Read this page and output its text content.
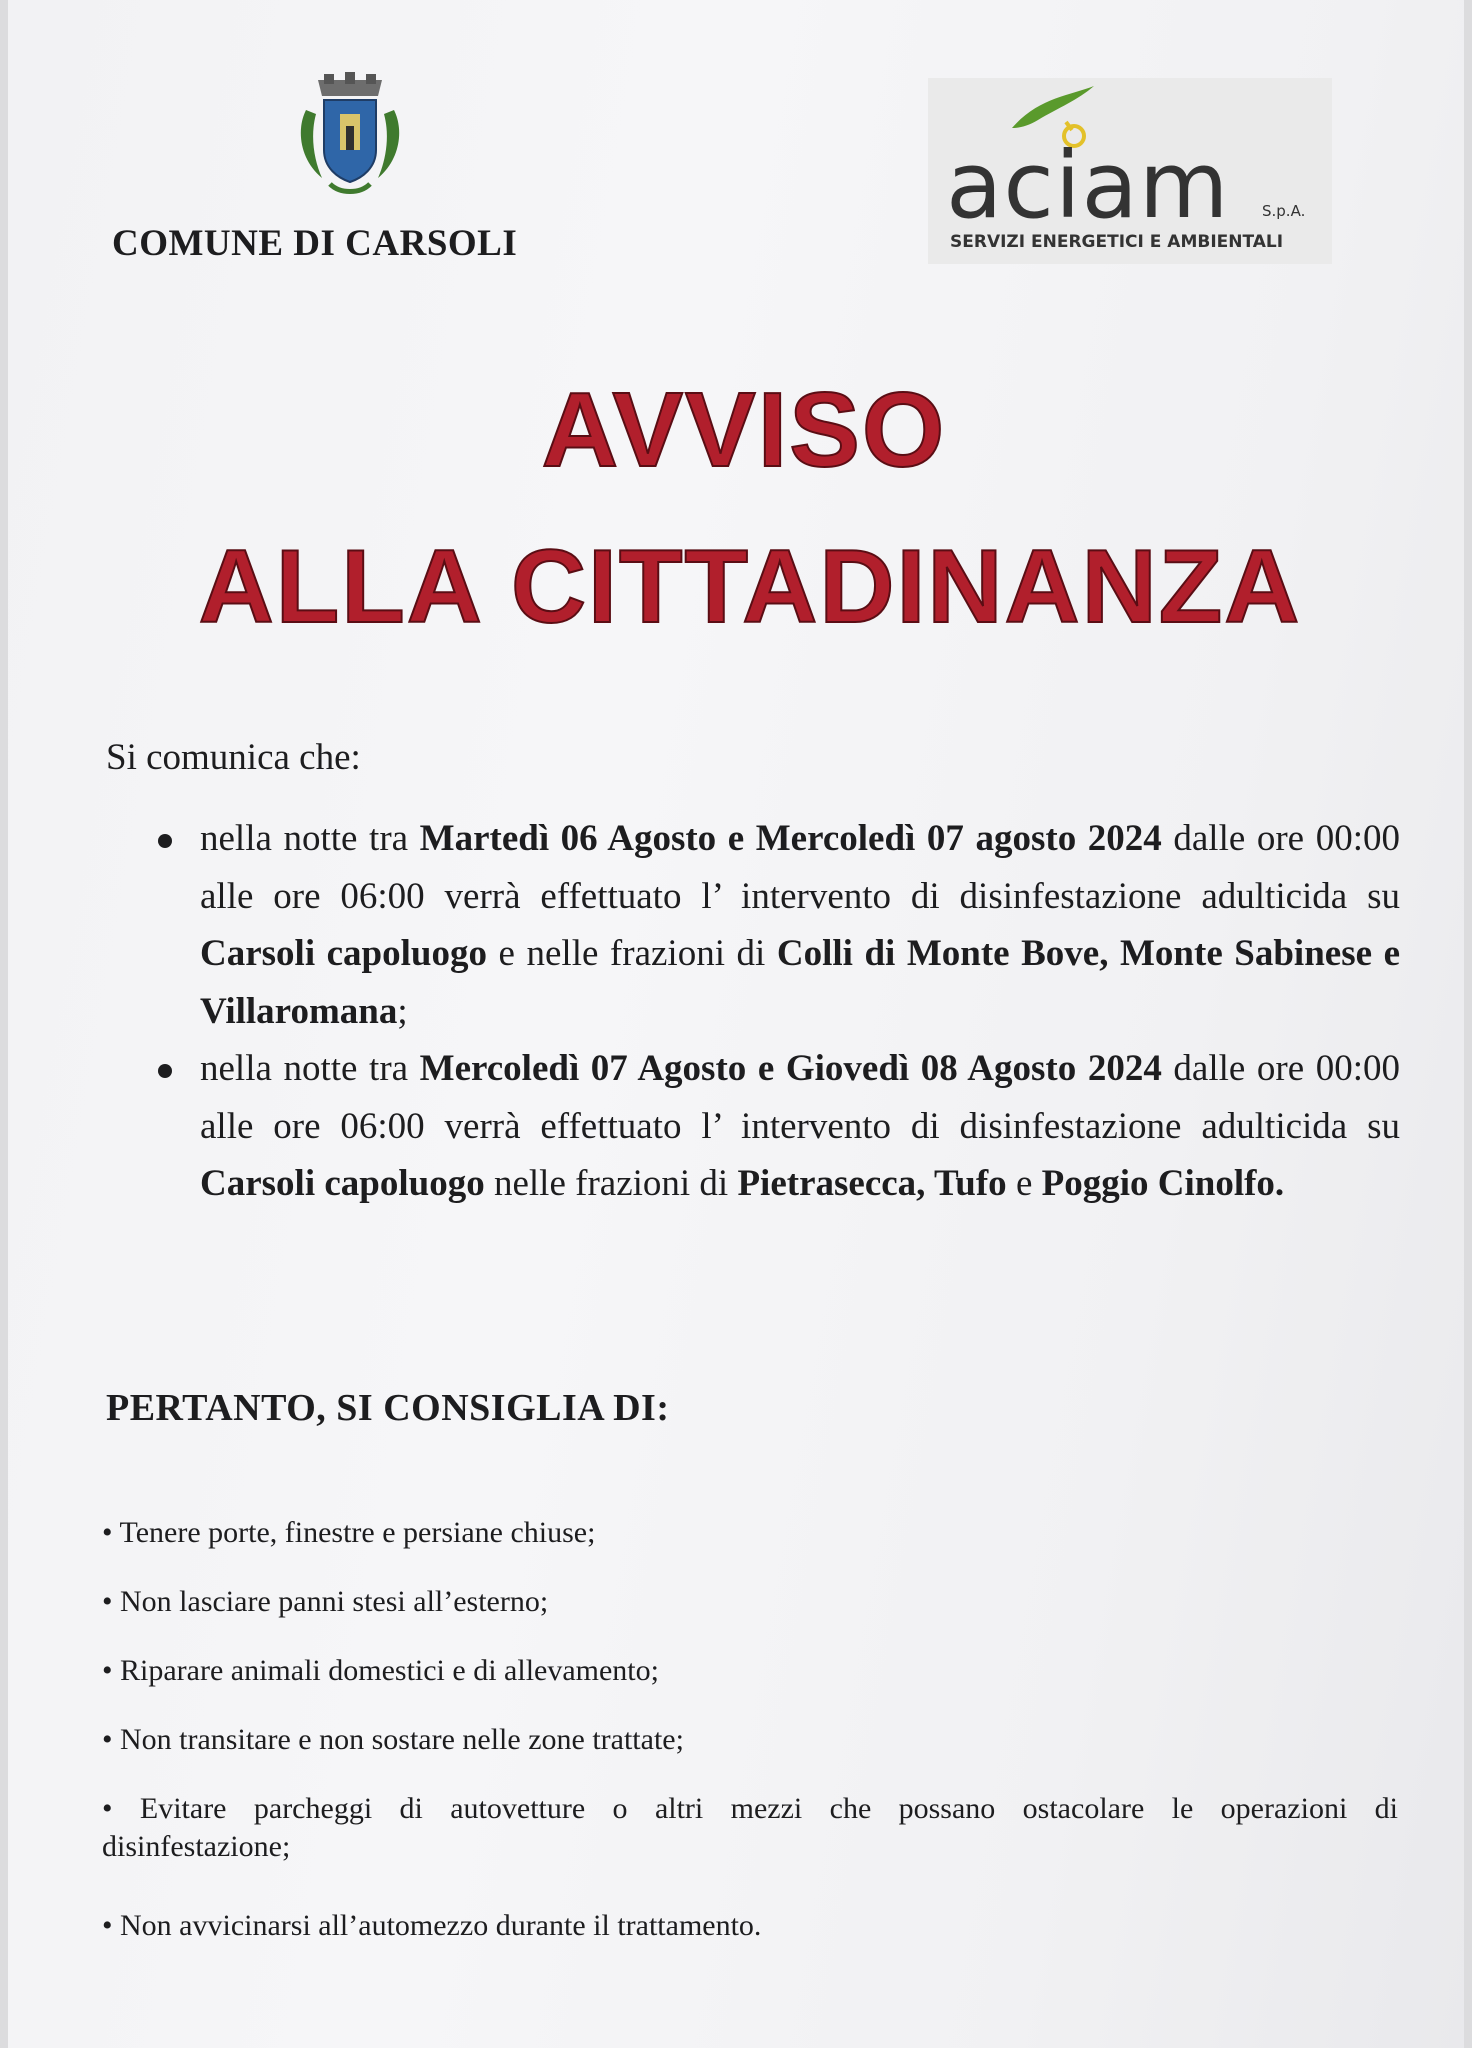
COMUNE DI CARSOLI
aciam S.p.A.
SERVIZI ENERGETICI E AMBIENTALI
AVVISO
ALLA CITTADINANZA
Si comunica che:
nella notte tra Martedì 06 Agosto e Mercoledì 07 agosto 2024 dalle ore 00:00 alle ore 06:00 verrà effettuato l’ intervento di disinfestazione adulticida su Carsoli capoluogo e nelle frazioni di Colli di Monte Bove, Monte Sabinese e Villaromana;
nella notte tra Mercoledì 07 Agosto e Giovedì 08 Agosto 2024 dalle ore 00:00 alle ore 06:00 verrà effettuato l’ intervento di disinfestazione adulticida su Carsoli capoluogo nelle frazioni di Pietrasecca, Tufo e Poggio Cinolfo.
PERTANTO, SI CONSIGLIA DI:
• Tenere porte, finestre e persiane chiuse;
• Non lasciare panni stesi all’esterno;
• Riparare animali domestici e di allevamento;
• Non transitare e non sostare nelle zone trattate;
• Evitare parcheggi di autovetture o altri mezzi che possano ostacolare le operazioni di disinfestazione;
• Non avvicinarsi all’automezzo durante il trattamento.
